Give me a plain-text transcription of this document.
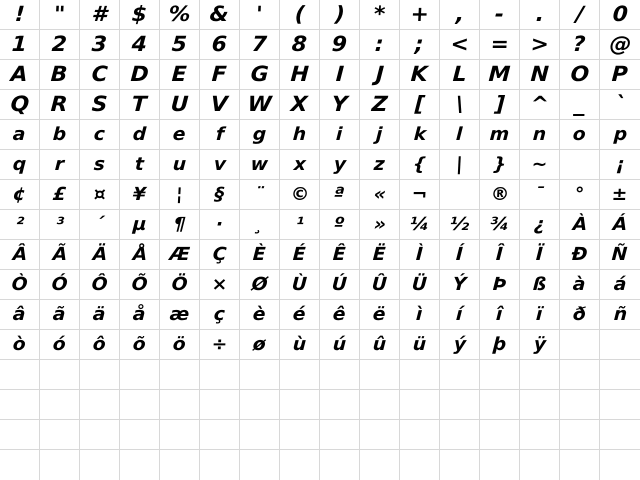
! " # $ % & ' ( ) * + , - . / 0
1 2 3 4 5 6 7 8 9 : ; < = > ? @
A B C D E F G H I J K L M N O P
Q R S T U V W X Y Z [ \ ] ^ _ `
a b c d e f g h i j k l m n o p
q r s t u v w x y z { | } ~	¡
¢ £ ¤ ¥ ¦ § ¨ © ª « ¬  ® ¯ ° ±
² ³ ´ µ ¶ · ¸ ¹ º » ¼ ½ ¾ ¿ À Á
Â Ã Ä Å Æ Ç È É Ê Ë Ì Í Î Ï Ð Ñ
Ò Ó Ô Õ Ö × Ø Ù Ú Û Ü Ý Þ ß à á
â ã ä å æ ç è é ê ë ì í î ï ð ñ
ò ó ô õ ö ÷ ø ù ú û ü ý þ ÿ
